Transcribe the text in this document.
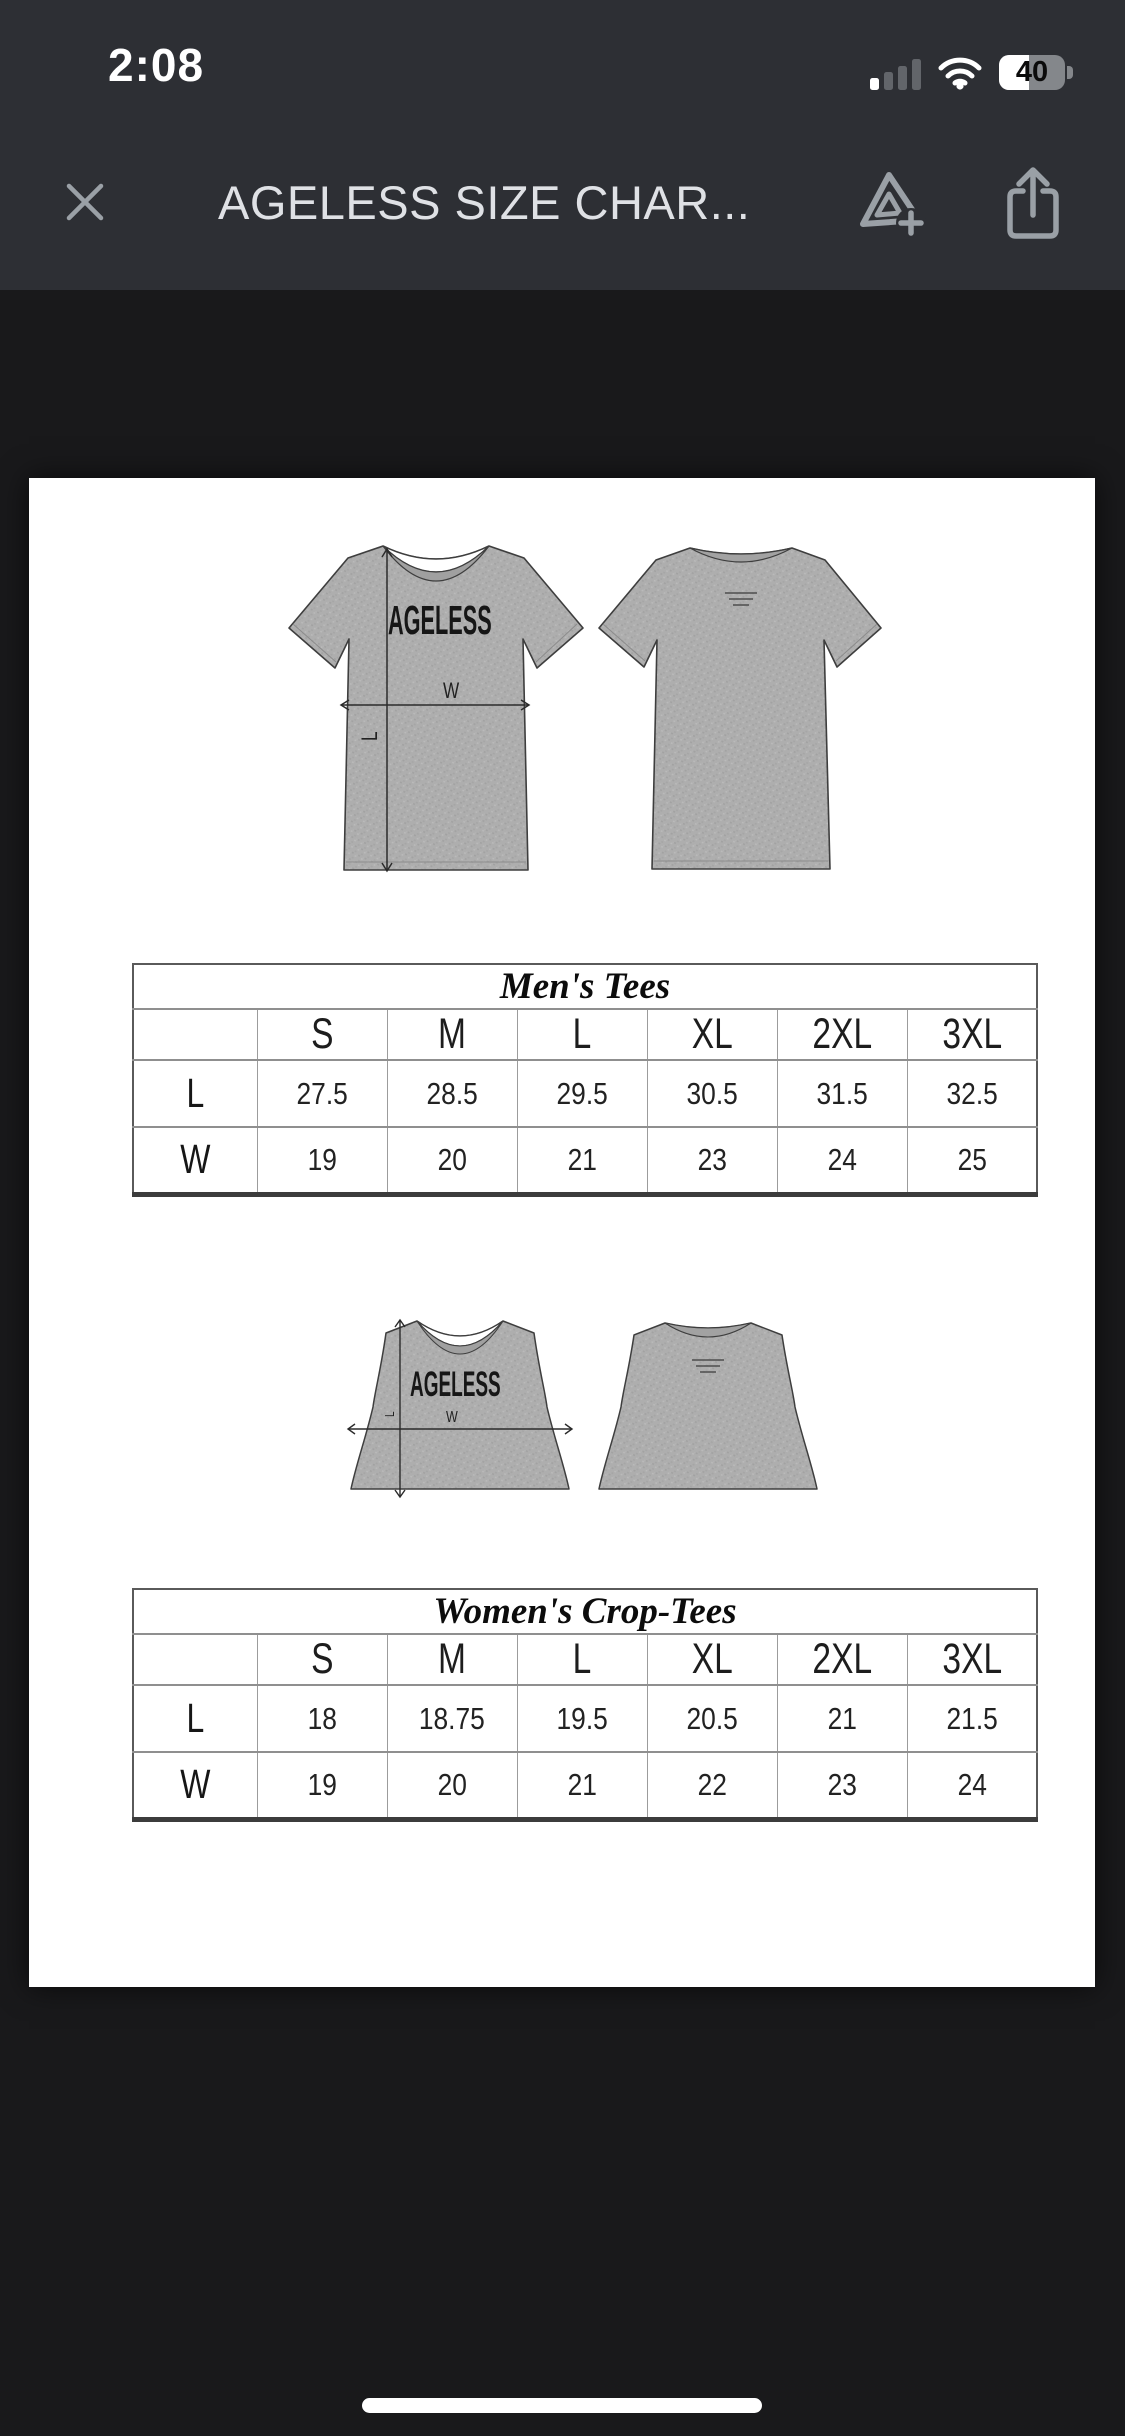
2:08	40
AGELESS SIZE CHAR...
AGELESS
W
L
Men's Tees						
	S	M	L	XL	2XL	3XL
L	27.5	28.5	29.5	30.5	31.5	32.5
W	19	20	21	23	24	25
AGELESS
W
L
Women's Crop-Tees						
	S	M	L	XL	2XL	3XL
L	18	18.75	19.5	20.5	21	21.5
W	19	20	21	22	23	24
